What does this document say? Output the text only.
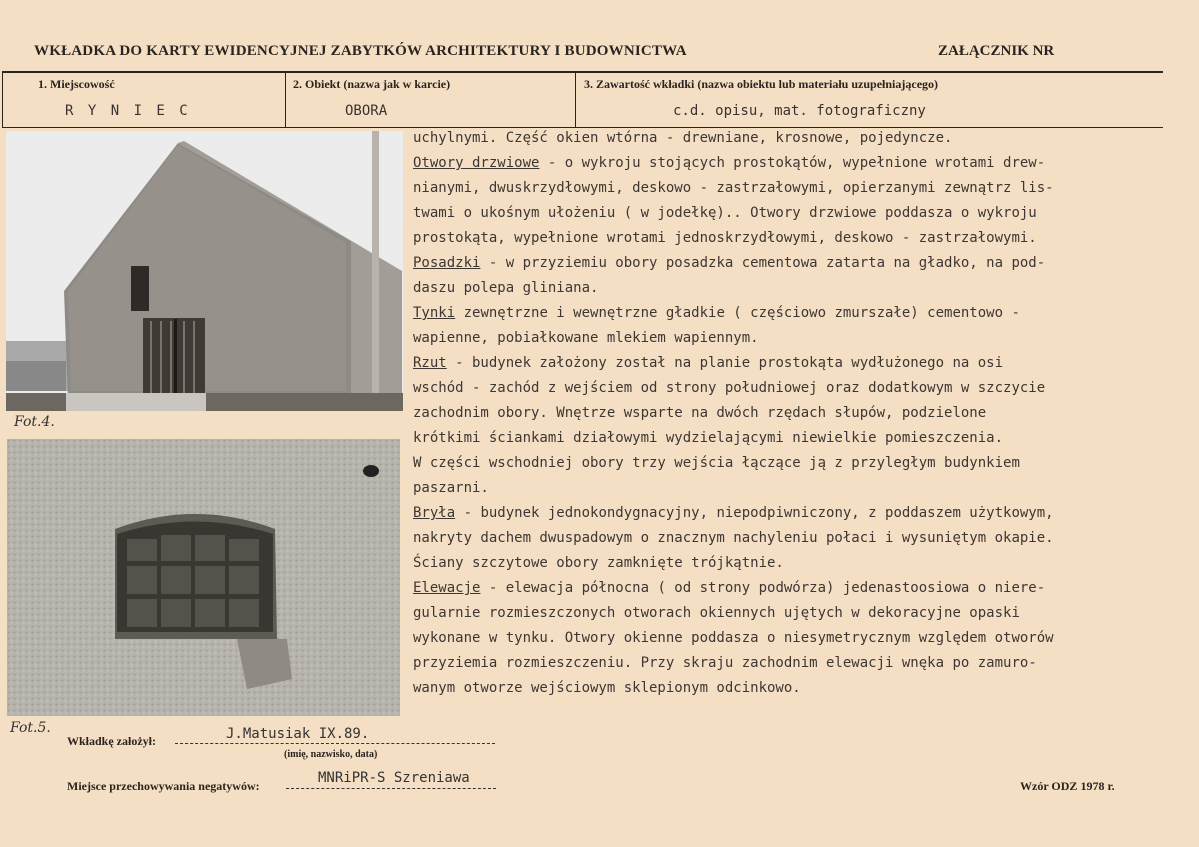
WKŁADKA DO KARTY EWIDENCYJNEJ ZABYTKÓW ARCHITEKTURY I BUDOWNICTWA	ZAŁĄCZNIK NR
1. Miejscowość
R Y N I E C
2. Obiekt (nazwa jak w karcie)
OBORA
3. Zawartość wkładki (nazwa obiektu lub materiału uzupełniającego)
c.d. opisu, mat. fotograficzny
Fot.4.
Fot.5.

uchylnymi. Część okien wtórna - drewniane, krosnowe, pojedyncze.

Otwory drzwiowe - o wykroju stojących prostokątów, wypełnione wrotami drew-

nianymi, dwuskrzydłowymi, deskowo - zastrzałowymi, opierzanymi zewnątrz lis-

twami o ukośnym ułożeniu ( w jodełkę).. Otwory drzwiowe poddasza o wykroju

prostokąta, wypełnione wrotami jednoskrzydłowymi, deskowo - zastrzałowymi.

Posadzki - w przyziemiu obory posadzka cementowa zatarta na gładko, na pod-

daszu polepa gliniana.

Tynki zewnętrzne i wewnętrzne gładkie ( częściowo zmurszałe) cementowo -

wapienne, pobiałkowane mlekiem wapiennym.

Rzut - budynek założony został na planie prostokąta wydłużonego na osi

wschód - zachód z wejściem od strony południowej oraz dodatkowym w szczycie

zachodnim obory. Wnętrze wsparte na dwóch rzędach słupów, podzielone

krótkimi ściankami działowymi wydzielającymi niewielkie pomieszczenia.

W części wschodniej obory trzy wejścia łączące ją z przyległym budynkiem

paszarni.

Bryła - budynek jednokondygnacyjny, niepodpiwniczony, z poddaszem użytkowym,

nakryty dachem dwuspadowym o znacznym nachyleniu połaci i wysuniętym okapie.

Ściany szczytowe obory zamknięte trójkątnie.

Elewacje - elewacja północna ( od strony podwórza) jedenastoosiowa o niere-

gularnie rozmieszczonych otworach okiennych ujętych w dekoracyjne opaski

wykonane w tynku. Otwory okienne poddasza o niesymetrycznym względem otworów

przyziemia rozmieszczeniu. Przy skraju zachodnim elewacji wnęka po zamuro-

wanym otworze wejściowym sklepionym odcinkowo.

Wkładkę założył:	J.Matusiak IX.89.
(imię, nazwisko, data)
Miejsce przechowywania negatywów:	MNRiPR-S Szreniawa	Wzór ODZ 1978 r.
